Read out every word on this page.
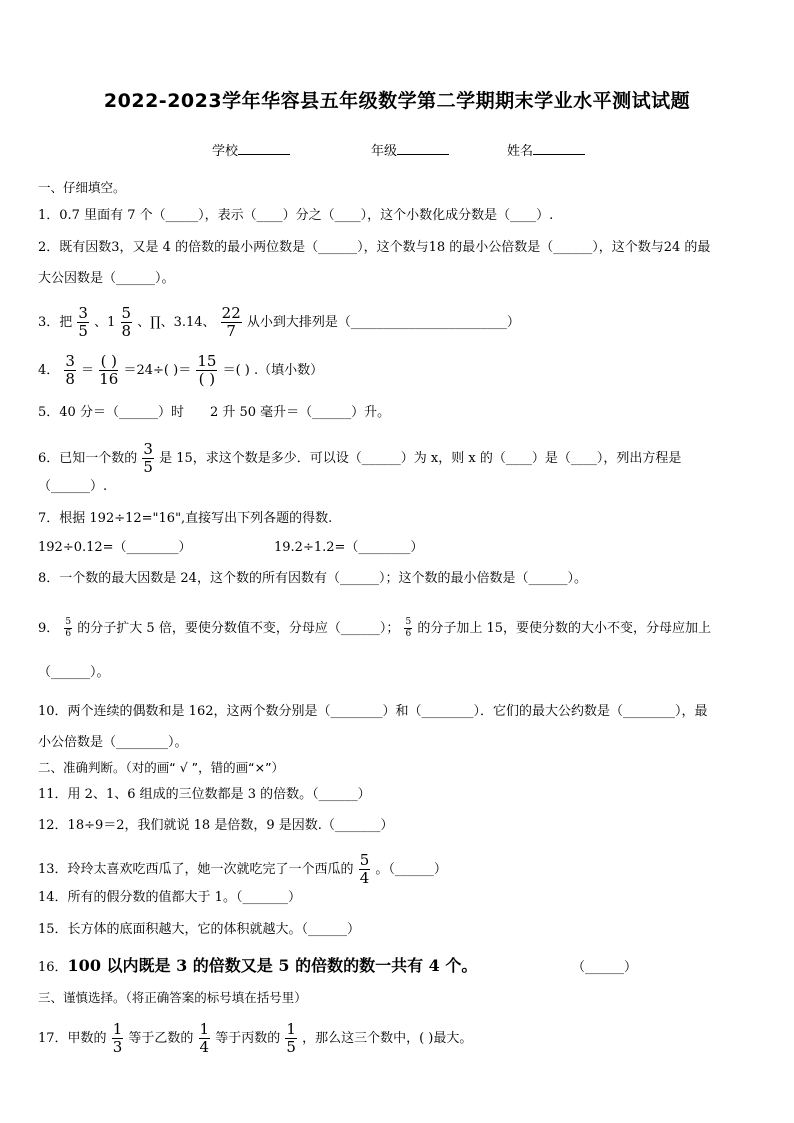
2022-2023学年华容县五年级数学第二学期期末学业水平测试试题
学校	年级	姓名
一、仔细填空。
1．0.7 里面有 7 个（_____），表示（____）分之（____），这个小数化成分数是（____）.
2．既有因数3，又是 4 的倍数的最小两位数是（______），这个数与18 的最小公倍数是（______），这个数与24 的最
大公因数是（______）。
3．把 $\frac{3}{5}$ 、$1 \frac{5}{8}$ 、∏、3.14、 $\frac{22}{7}$ 从小到大排列是（________________________）
4． $\frac{3}{8} = \frac{( )}{16} =24\div$( )＝ $\frac{15}{( )}$ ＝( ) .（填小数）
5．40 分＝（______）时　　2 升 50 毫升＝（______）升。
6．已知一个数的 $\frac{3}{5}$ 是 15，求这个数是多少．可以设（______）为 x，则 x 的（____）是（____），列出方程是
（______）.
7．根据 192÷12="16",直接写出下列各题的得数.
192÷0.12=（________）	19.2÷1.2=（________）
8．一个数的最大因数是 24，这个数的所有因数有（______）；这个数的最小倍数是（______）。
9． $\frac{5}{6}$ 的分子扩大 5 倍，要使分数值不变，分母应（______）； $\frac{5}{6}$ 的分子加上 15，要使分数的大小不变，分母应加上
（______）。
10．两个连续的偶数和是 162，这两个数分别是（________）和（________）．它们的最大公约数是（________），最
小公倍数是（________）。
二、准确判断。（对的画“ √ ”，错的画“×”）
11．用 2、1、6 组成的三位数都是 3 的倍数。（______）
12．18÷9＝2，我们就说 18 是倍数，9 是因数.（_______）
13．玲玲太喜欢吃西瓜了，她一次就吃完了一个西瓜的 $\frac{5}{4}$ 。（______）
14．所有的假分数的值都大于 1。（_______）
15．长方体的底面积越大，它的体积就越大。（______）
16．100 以内既是 3 的倍数又是 5 的倍数的数一共有 4 个。	（______）
三、谨慎选择。（将正确答案的标号填在括号里）
17．甲数的 $\frac{1}{3}$ 等于乙数的 $\frac{1}{4}$ 等于丙数的 $\frac{1}{5}$ ，那么这三个数中，( )最大。
